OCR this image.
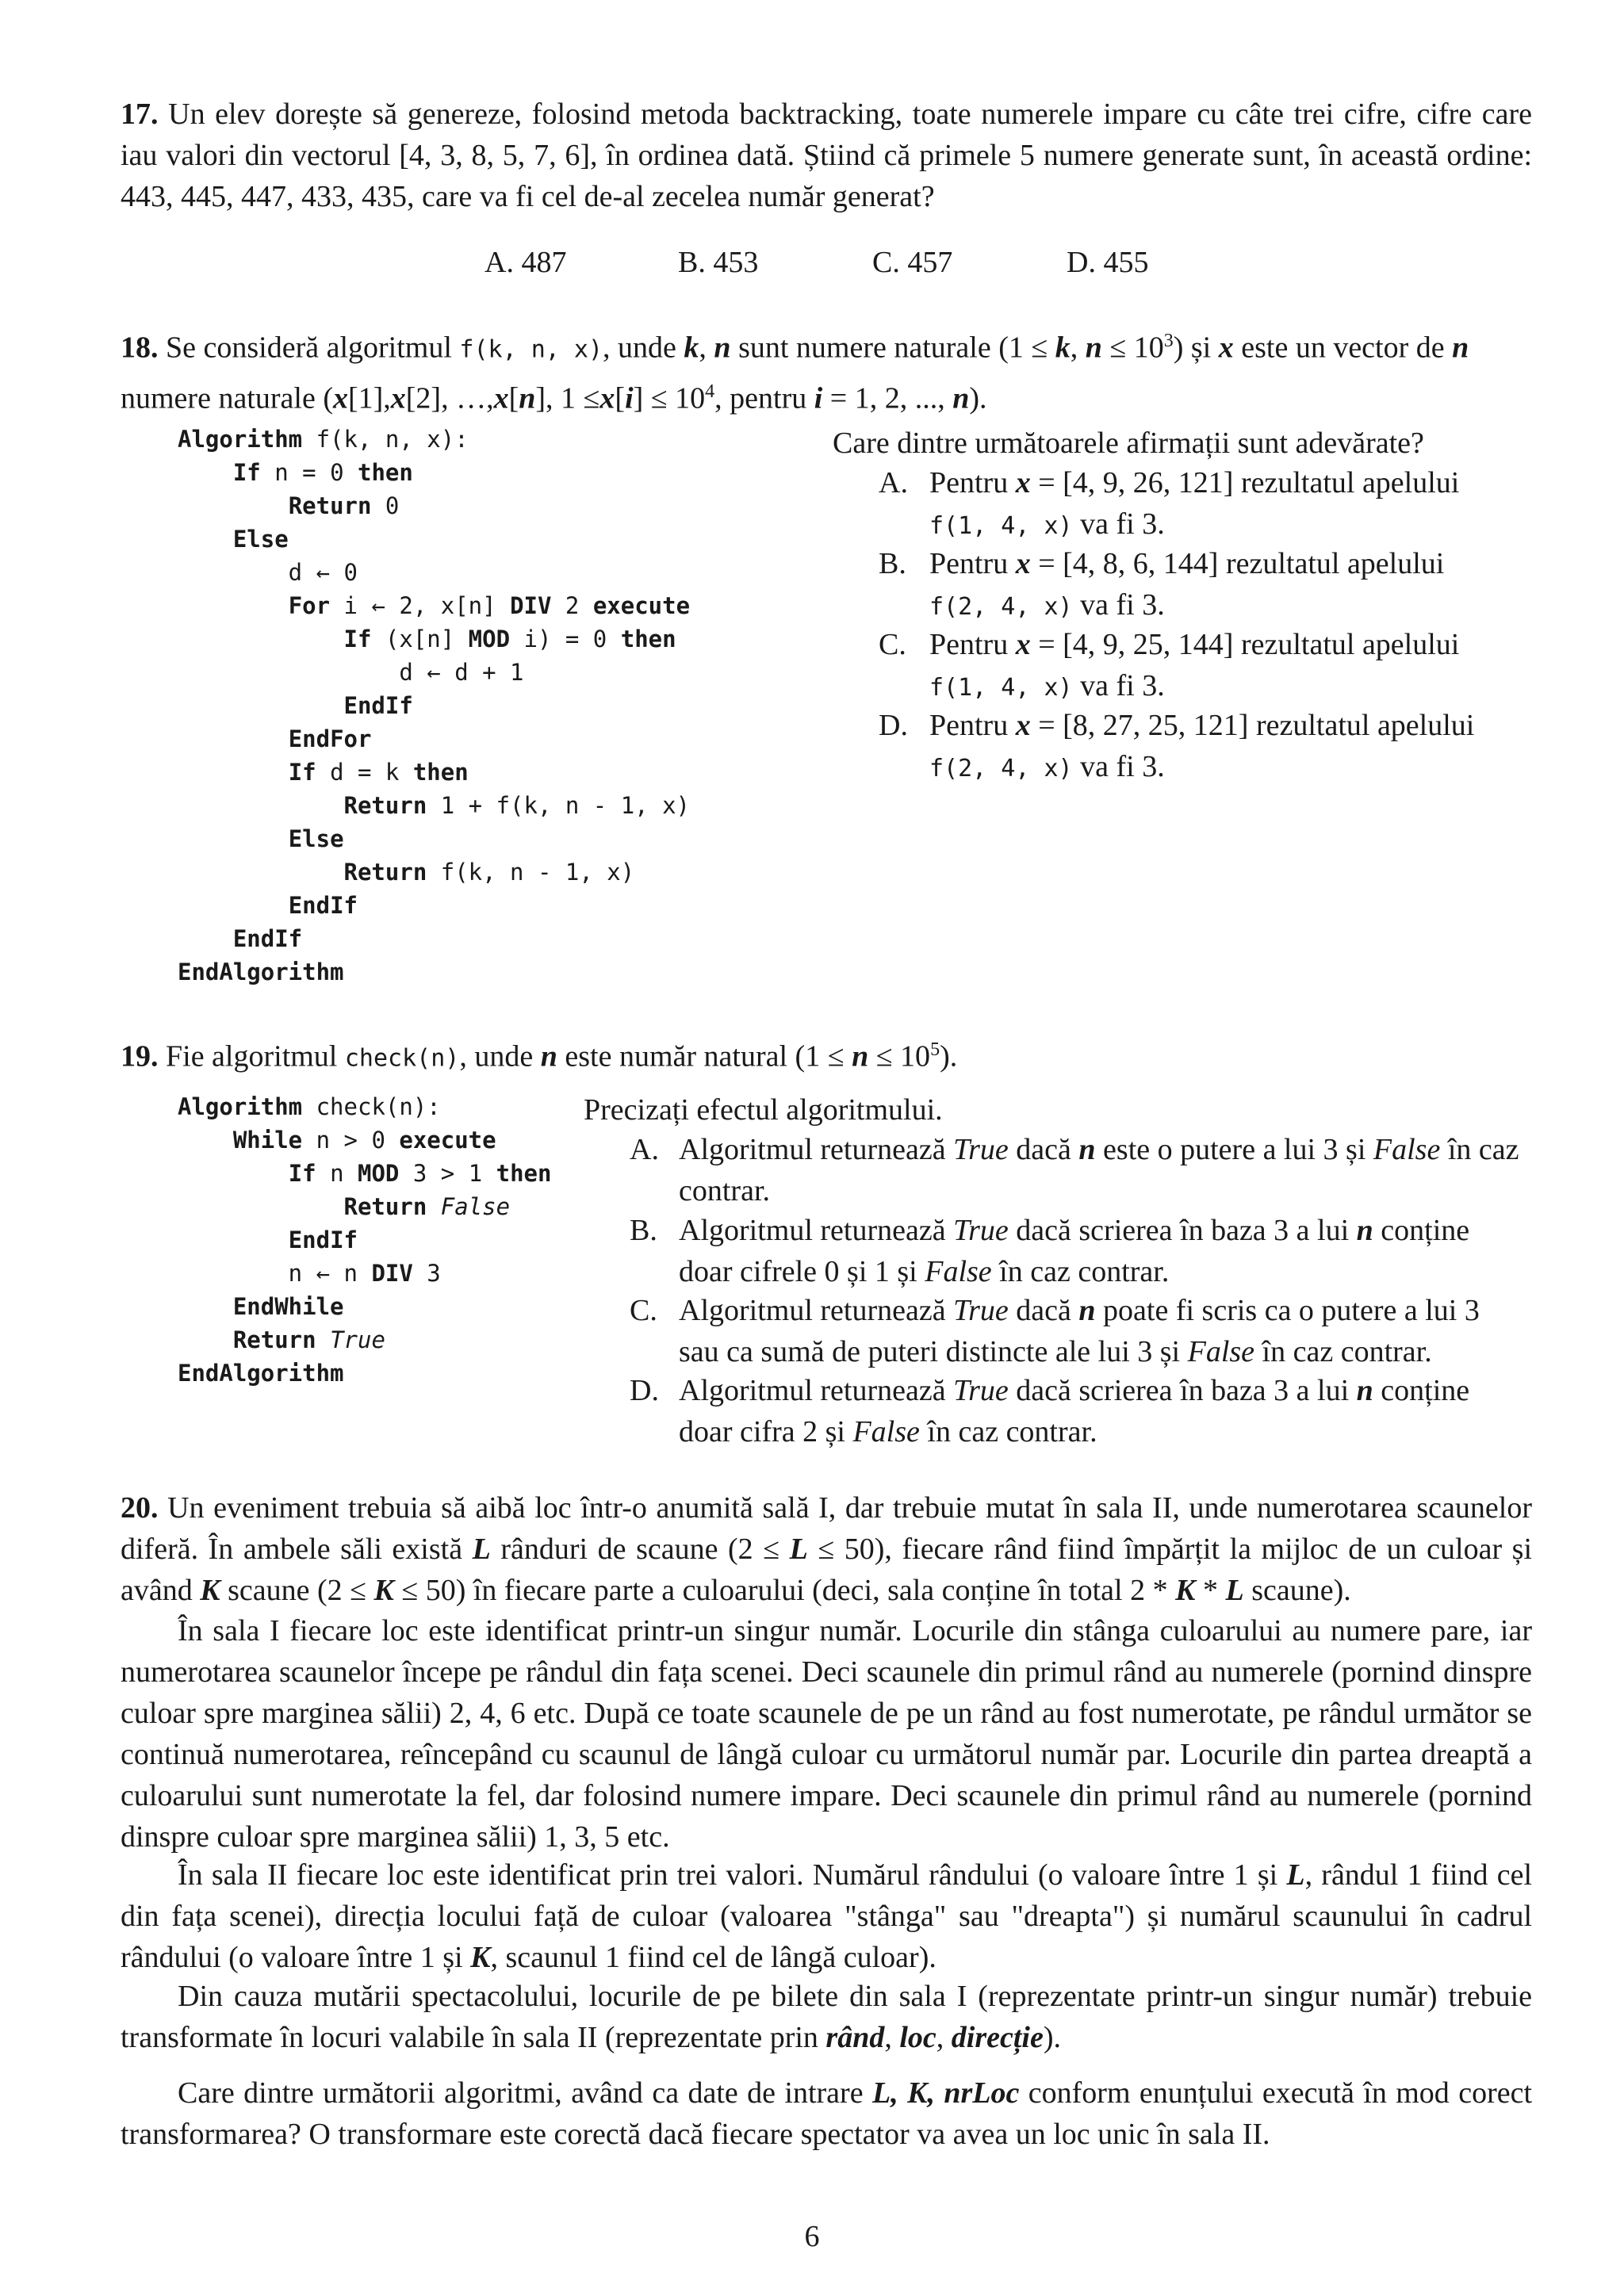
17. Un elev dorește să genereze, folosind metoda backtracking, toate numerele impare cu câte trei cifre, cifre care iau valori din vectorul [4, 3, 8, 5, 7, 6], în ordinea dată. Știind că primele 5 numere generate sunt, în această ordine: 443, 445, 447, 433, 435, care va fi cel de-al zecelea număr generat?

A. 487	B. 453	C. 457	D. 455

18. Se consideră algoritmul f(k, n, x), unde k, n sunt numere naturale (1 ≤ k, $n \le 10^3$) și x este un vector de n
numere naturale (x[1],x[2], …,x[n], $1 \le x[i] \le 10^4$, pentru i = 1, 2, ..., n).

Algorithm f(k, n, x):
If n = 0 then
Return 0
Else
d ← 0
For i ← 2, x[n] DIV 2 execute
If (x[n] MOD i) = 0 then
d ← d + 1
EndIf
EndFor
If d = k then
Return 1 + f(k, n - 1, x)
Else
Return f(k, n - 1, x)
EndIf
EndIf
EndAlgorithm

Care dintre următoarele afirmații sunt adevărate?

A. Pentru x = [4, 9, 26, 121] rezultatul apelului
f(1, 4, x) va fi 3.
B. Pentru x = [4, 8, 6, 144] rezultatul apelului
f(2, 4, x) va fi 3.
C. Pentru x = [4, 9, 25, 144] rezultatul apelului
f(1, 4, x) va fi 3.
D. Pentru x = [8, 27, 25, 121] rezultatul apelului
f(2, 4, x) va fi 3.

19. Fie algoritmul check(n), unde n este număr natural $(1 \le n \le 10^5)$.

Algorithm check(n):
While n > 0 execute
If n MOD 3 > 1 then
Return False
EndIf
n ← n DIV 3
EndWhile
Return True
EndAlgorithm

Precizați efectul algoritmului.

A. Algoritmul returnează True dacă n este o putere a lui 3 și False în caz
contrar.
B. Algoritmul returnează True dacă scrierea în baza 3 a lui n conține
doar cifrele 0 și 1 și False în caz contrar.
C. Algoritmul returnează True dacă n poate fi scris ca o putere a lui 3
sau ca sumă de puteri distincte ale lui 3 și False în caz contrar.
D. Algoritmul returnează True dacă scrierea în baza 3 a lui n conține
doar cifra 2 și False în caz contrar.

20. Un eveniment trebuia să aibă loc într-o anumită sală I, dar trebuie mutat în sala II, unde numerotarea scaunelor diferă. În ambele săli există L rânduri de scaune (2 ≤ L ≤ 50), fiecare rând fiind împărțit la mijloc de un culoar și având K scaune (2 ≤ K ≤ 50) în fiecare parte a culoarului (deci, sala conține în total 2 * K * L scaune).

În sala I fiecare loc este identificat printr-un singur număr. Locurile din stânga culoarului au numere pare, iar numerotarea scaunelor începe pe rândul din fața scenei. Deci scaunele din primul rând au numerele (pornind dinspre culoar spre marginea sălii) 2, 4, 6 etc. După ce toate scaunele de pe un rând au fost numerotate, pe rândul următor se continuă numerotarea, reîncepând cu scaunul de lângă culoar cu următorul număr par. Locurile din partea dreaptă a culoarului sunt numerotate la fel, dar folosind numere impare. Deci scaunele din primul rând au numerele (pornind dinspre culoar spre marginea sălii) 1, 3, 5 etc.

În sala II fiecare loc este identificat prin trei valori. Numărul rândului (o valoare între 1 și L, rândul 1 fiind cel din fața scenei), direcția locului față de culoar (valoarea "stânga" sau "dreapta") și numărul scaunului în cadrul rândului (o valoare între 1 și K, scaunul 1 fiind cel de lângă culoar).

Din cauza mutării spectacolului, locurile de pe bilete din sala I (reprezentate printr-un singur număr) trebuie transformate în locuri valabile în sala II (reprezentate prin rând, loc, direcție).

Care dintre următorii algoritmi, având ca date de intrare L, K, nrLoc conform enunțului execută în mod corect transformarea? O transformare este corectă dacă fiecare spectator va avea un loc unic în sala II.

6
